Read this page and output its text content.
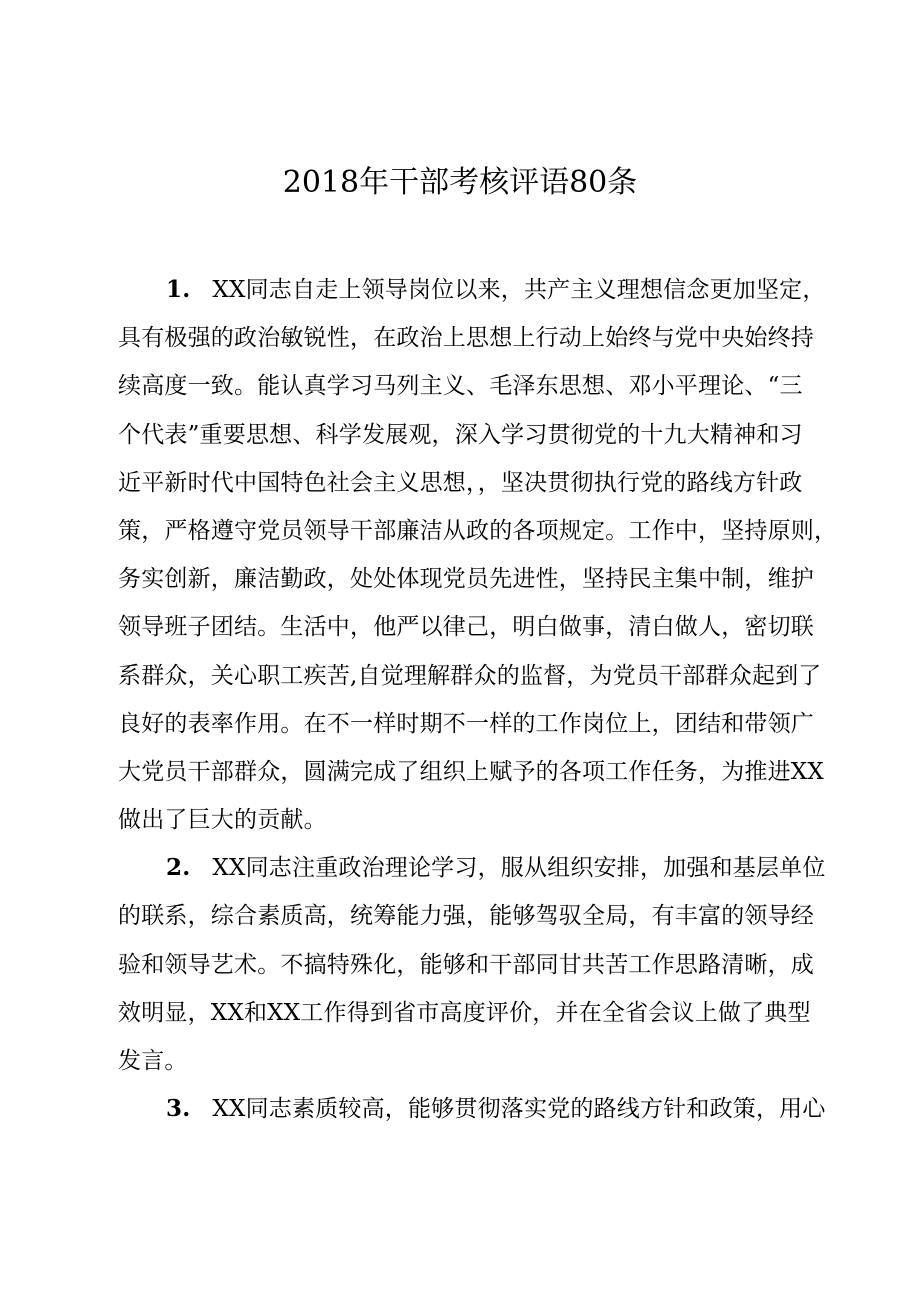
2018年干部考核评语80条
1. XX同志自走上领导岗位以来，共产主义理想信念更加坚定，
具有极强的政治敏锐性，在政治上思想上行动上始终与党中央始终持
续高度一致。能认真学习马列主义、毛泽东思想、邓小平理论、“三
个代表”重要思想、科学发展观，深入学习贯彻党的十九大精神和习
近平新时代中国特色社会主义思想，，坚决贯彻执行党的路线方针政
策，严格遵守党员领导干部廉洁从政的各项规定。工作中，坚持原则，
务实创新，廉洁勤政，处处体现党员先进性，坚持民主集中制，维护
领导班子团结。生活中，他严以律己，明白做事，清白做人，密切联
系群众，关心职工疾苦,自觉理解群众的监督，为党员干部群众起到了
良好的表率作用。在不一样时期不一样的工作岗位上，团结和带领广
大党员干部群众，圆满完成了组织上赋予的各项工作任务，为推进XX
做出了巨大的贡献。
2. XX同志注重政治理论学习，服从组织安排，加强和基层单位
的联系，综合素质高，统筹能力强，能够驾驭全局，有丰富的领导经
验和领导艺术。不搞特殊化，能够和干部同甘共苦工作思路清晰，成
效明显，XX和XX工作得到省市高度评价，并在全省会议上做了典型
发言。
3. XX同志素质较高，能够贯彻落实党的路线方针和政策，用心
